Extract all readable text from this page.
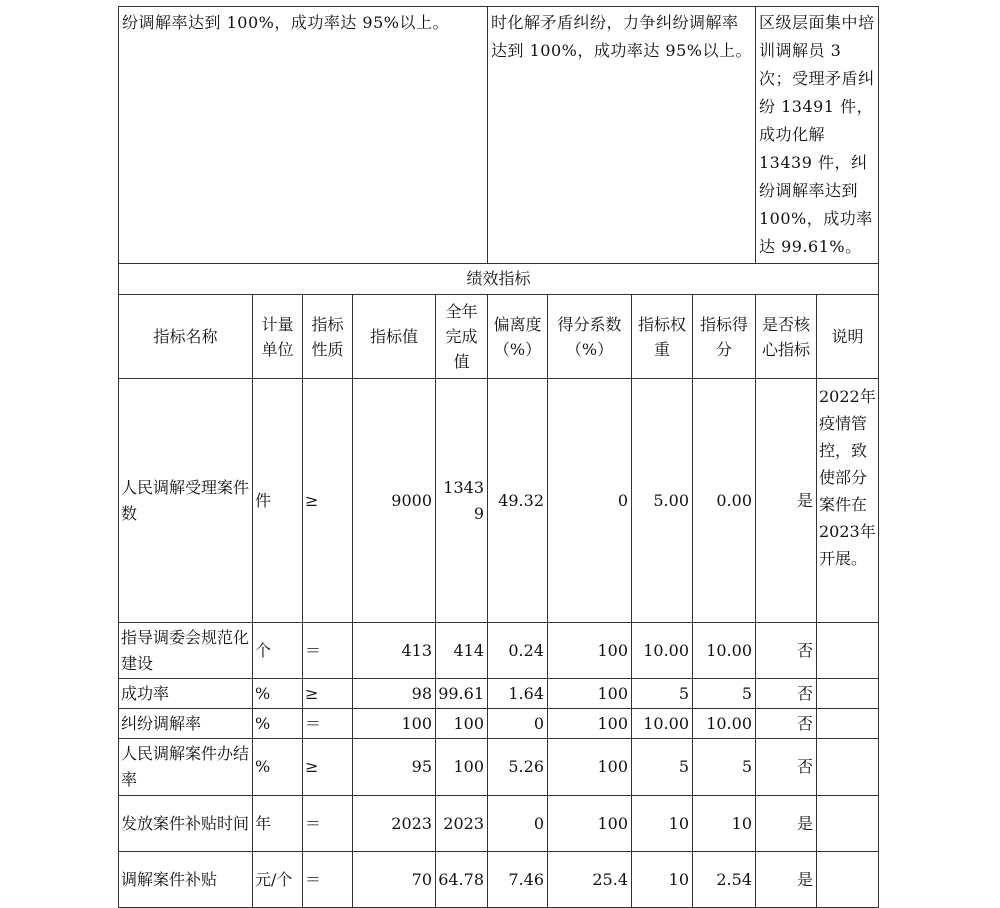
纷调解率达到 100%，成功率达 95%以上。					时化解矛盾纠纷，力争纠纷调解率达到 100%，成功率达 95%以上。				区级层面集中培训调解员 3 次；受理矛盾纠纷 13491 件，成功化解 13439 件，纠纷调解率达到 100%，成功率达 99.61%。	
绩效指标										
指标名称	计量单位	指标性质	指标值	全年完成值	偏离度（%）	得分系数（%）	指标权重	指标得分	是否核心指标	说明
人民调解受理案件数	件	≥	9000	13439	49.32	0	5.00	0.00	是	2022年疫情管控，致使部分案件在2023年开展。
指导调委会规范化建设	个	＝	413	414	0.24	100	10.00	10.00	否	
成功率	%	≥	98	99.61	1.64	100	5	5	否	
纠纷调解率	%	＝	100	100	0	100	10.00	10.00	否	
人民调解案件办结率	%	≥	95	100	5.26	100	5	5	否	
发放案件补贴时间	年	＝	2023	2023	0	100	10	10	是	
调解案件补贴	元/个	＝	70	64.78	7.46	25.4	10	2.54	是	
